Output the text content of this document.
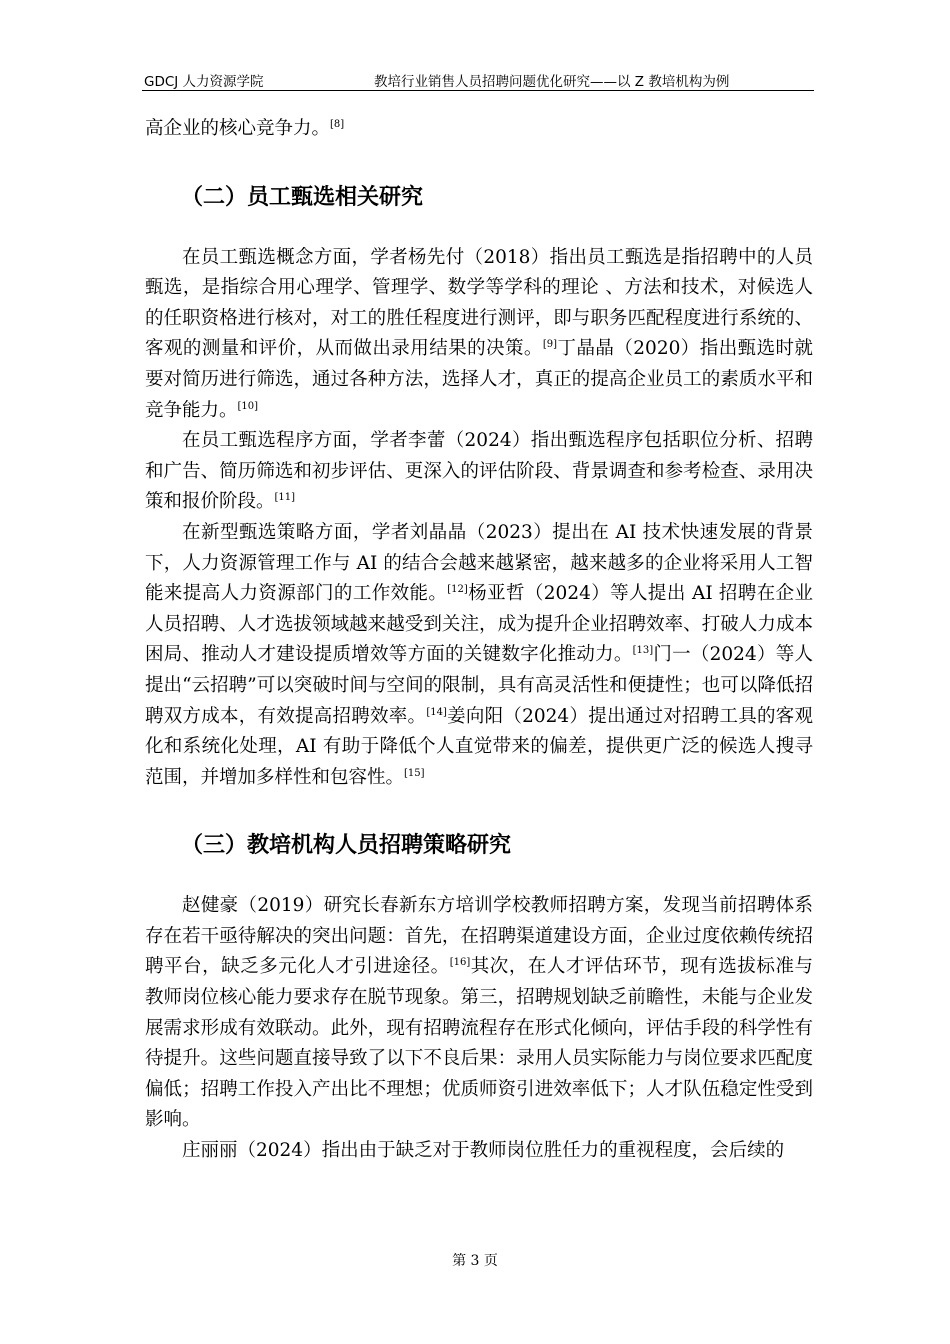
GDCJ 人力资源学院	教培行业销售人员招聘问题优化研究——以 Z 教培机构为例

高企业的核心竞争力。[8]

（二）员工甄选相关研究

在员工甄选概念方面，学者杨先付（2018）指出员工甄选是指招聘中的人员甄选，是指综合用心理学、管理学、数学等学科的理论 、方法和技术，对候选人的任职资格进行核对，对工的胜任程度进行测评，即与职务匹配程度进行系统的、客观的测量和评价，从而做出录用结果的决策。[9]丁晶晶（2020）指出甄选时就要对简历进行筛选，通过各种方法，选择人才，真正的提高企业员工的素质水平和竞争能力。[10]

在员工甄选程序方面，学者李蕾（2024）指出甄选程序包括职位分析、招聘和广告、简历筛选和初步评估、更深入的评估阶段、背景调查和参考检查、录用决策和报价阶段。[11]

在新型甄选策略方面，学者刘晶晶（2023）提出在 AI 技术快速发展的背景下，人力资源管理工作与 AI 的结合会越来越紧密，越来越多的企业将采用人工智能来提高人力资源部门的工作效能。[12]杨亚哲（2024）等人提出 AI 招聘在企业人员招聘、人才选拔领域越来越受到关注，成为提升企业招聘效率、打破人力成本困局、推动人才建设提质增效等方面的关键数字化推动力。[13]门一（2024）等人提出“云招聘”可以突破时间与空间的限制，具有高灵活性和便捷性；也可以降低招聘双方成本，有效提高招聘效率。[14]姜向阳（2024）提出通过对招聘工具的客观化和系统化处理，AI 有助于降低个人直觉带来的偏差，提供更广泛的候选人搜寻范围，并增加多样性和包容性。[15]

（三）教培机构人员招聘策略研究

赵健豪（2019）研究长春新东方培训学校教师招聘方案，发现当前招聘体系存在若干亟待解决的突出问题：首先，在招聘渠道建设方面，企业过度依赖传统招聘平台，缺乏多元化人才引进途径。[16]其次，在人才评估环节，现有选拔标准与教师岗位核心能力要求存在脱节现象。第三，招聘规划缺乏前瞻性，未能与企业发展需求形成有效联动。此外，现有招聘流程存在形式化倾向，评估手段的科学性有待提升。这些问题直接导致了以下不良后果：录用人员实际能力与岗位要求匹配度偏低；招聘工作投入产出比不理想；优质师资引进效率低下；人才队伍稳定性受到影响。

庄丽丽（2024）指出由于缺乏对于教师岗位胜任力的重视程度，会后续的

第 3 页
